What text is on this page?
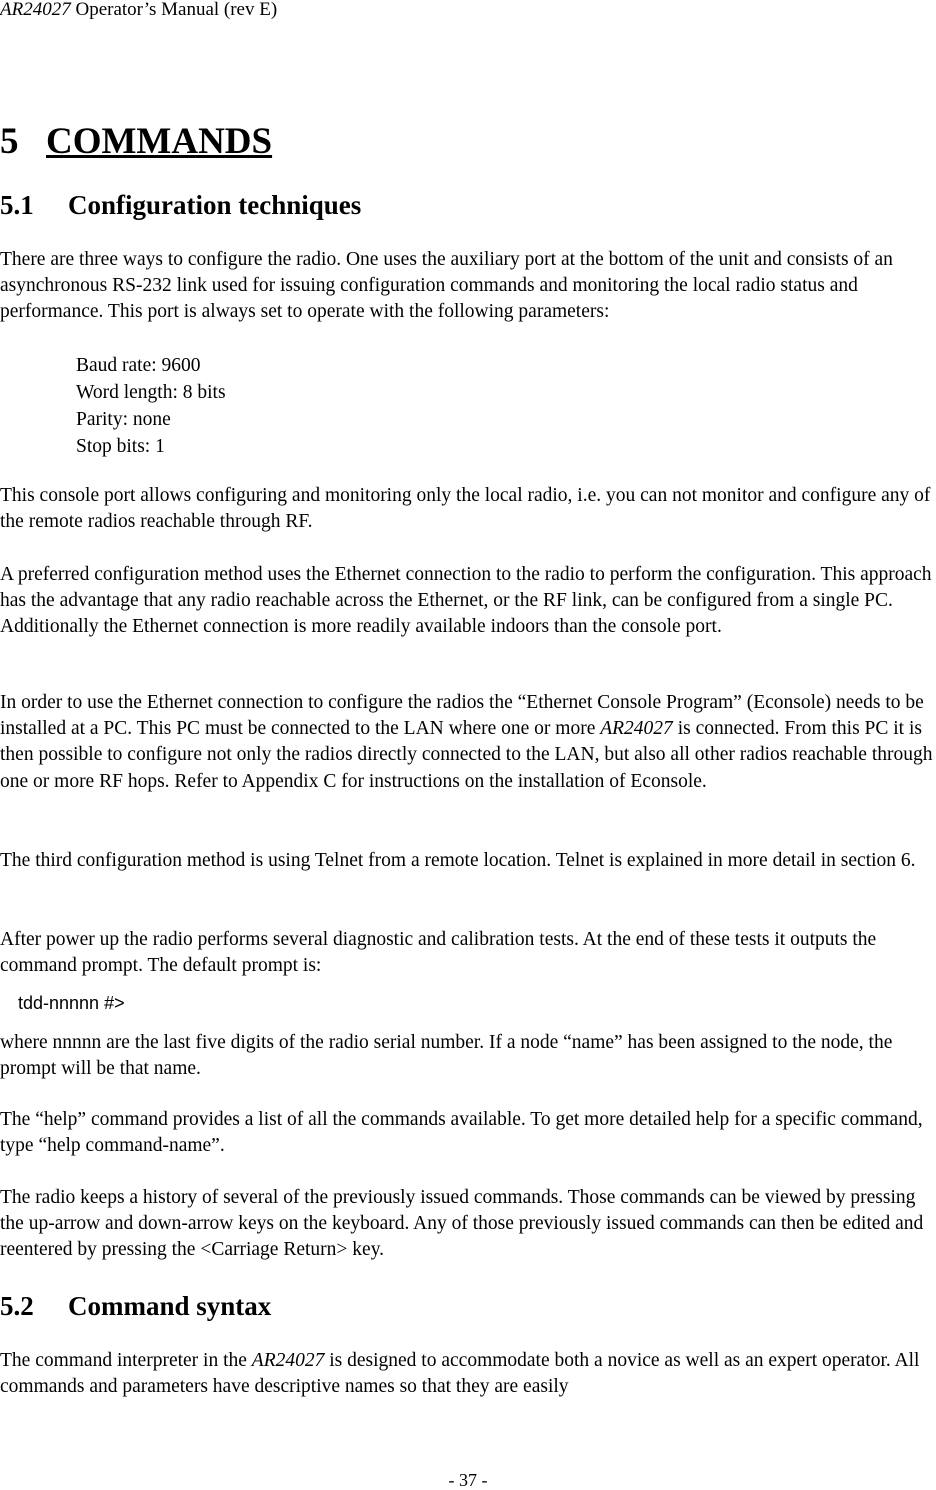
AR24027 Operator’s Manual (rev E)
5 COMMANDS
5.1 Configuration techniques

There are three ways to configure the radio. One uses the auxiliary port at the bottom of the unit and consists of an asynchronous RS-232 link used for issuing configuration commands and monitoring the local radio status and performance. This port is always set to operate with the following parameters:

Baud rate: 9600
Word length: 8 bits
Parity: none
Stop bits: 1

This console port allows configuring and monitoring only the local radio, i.e. you can not monitor and configure any of the remote radios reachable through RF.

A preferred configuration method uses the Ethernet connection to the radio to perform the configuration. This approach has the advantage that any radio reachable across the Ethernet, or the RF link, can be configured from a single PC. Additionally the Ethernet connection is more readily available indoors than the console port.

In order to use the Ethernet connection to configure the radios the “Ethernet Console Program” (Econsole) needs to be installed at a PC. This PC must be connected to the LAN where one or more AR24027 is connected. From this PC it is then possible to configure not only the radios directly connected to the LAN, but also all other radios reachable through one or more RF hops. Refer to Appendix C for instructions on the installation of Econsole.

The third configuration method is using Telnet from a remote location. Telnet is explained in more detail in section 6.

After power up the radio performs several diagnostic and calibration tests. At the end of these tests it outputs the command prompt. The default prompt is:

tdd-nnnnn #>

where nnnnn are the last five digits of the radio serial number. If a node “name” has been assigned to the node, the prompt will be that name.

The “help” command provides a list of all the commands available. To get more detailed help for a specific command, type “help command-name”.

The radio keeps a history of several of the previously issued commands. Those commands can be viewed by pressing the up-arrow and down-arrow keys on the keyboard. Any of those previously issued commands can then be edited and reentered by pressing the <Carriage Return> key.

5.2 Command syntax

The command interpreter in the AR24027 is designed to accommodate both a novice as well as an expert operator. All commands and parameters have descriptive names so that they are easily

- 37 -
